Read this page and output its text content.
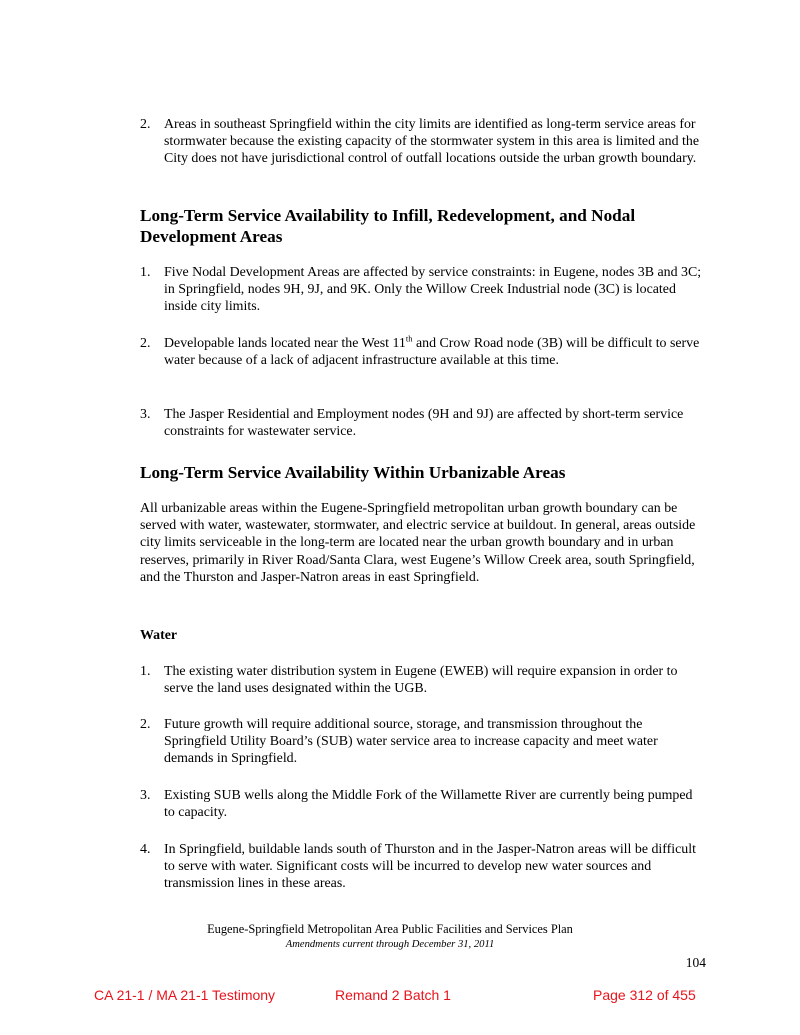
2. Areas in southeast Springfield within the city limits are identified as long-term service areas for stormwater because the existing capacity of the stormwater system in this area is limited and the City does not have jurisdictional control of outfall locations outside the urban growth boundary.
Long-Term Service Availability to Infill, Redevelopment, and Nodal Development Areas
1. Five Nodal Development Areas are affected by service constraints: in Eugene, nodes 3B and 3C; in Springfield, nodes 9H, 9J, and 9K. Only the Willow Creek Industrial node (3C) is located inside city limits.
2. Developable lands located near the West 11th and Crow Road node (3B) will be difficult to serve water because of a lack of adjacent infrastructure available at this time.
3. The Jasper Residential and Employment nodes (9H and 9J) are affected by short-term service constraints for wastewater service.
Long-Term Service Availability Within Urbanizable Areas
All urbanizable areas within the Eugene-Springfield metropolitan urban growth boundary can be served with water, wastewater, stormwater, and electric service at buildout. In general, areas outside city limits serviceable in the long-term are located near the urban growth boundary and in urban reserves, primarily in River Road/Santa Clara, west Eugene’s Willow Creek area, south Springfield, and the Thurston and Jasper-Natron areas in east Springfield.
Water
1. The existing water distribution system in Eugene (EWEB) will require expansion in order to serve the land uses designated within the UGB.
2. Future growth will require additional source, storage, and transmission throughout the Springfield Utility Board’s (SUB) water service area to increase capacity and meet water demands in Springfield.
3. Existing SUB wells along the Middle Fork of the Willamette River are currently being pumped to capacity.
4. In Springfield, buildable lands south of Thurston and in the Jasper-Natron areas will be difficult to serve with water. Significant costs will be incurred to develop new water sources and transmission lines in these areas.
Eugene-Springfield Metropolitan Area Public Facilities and Services Plan
Amendments current through December 31, 2011
104
CA 21-1 / MA 21-1 Testimony	Remand 2 Batch 1	Page 312 of 455
